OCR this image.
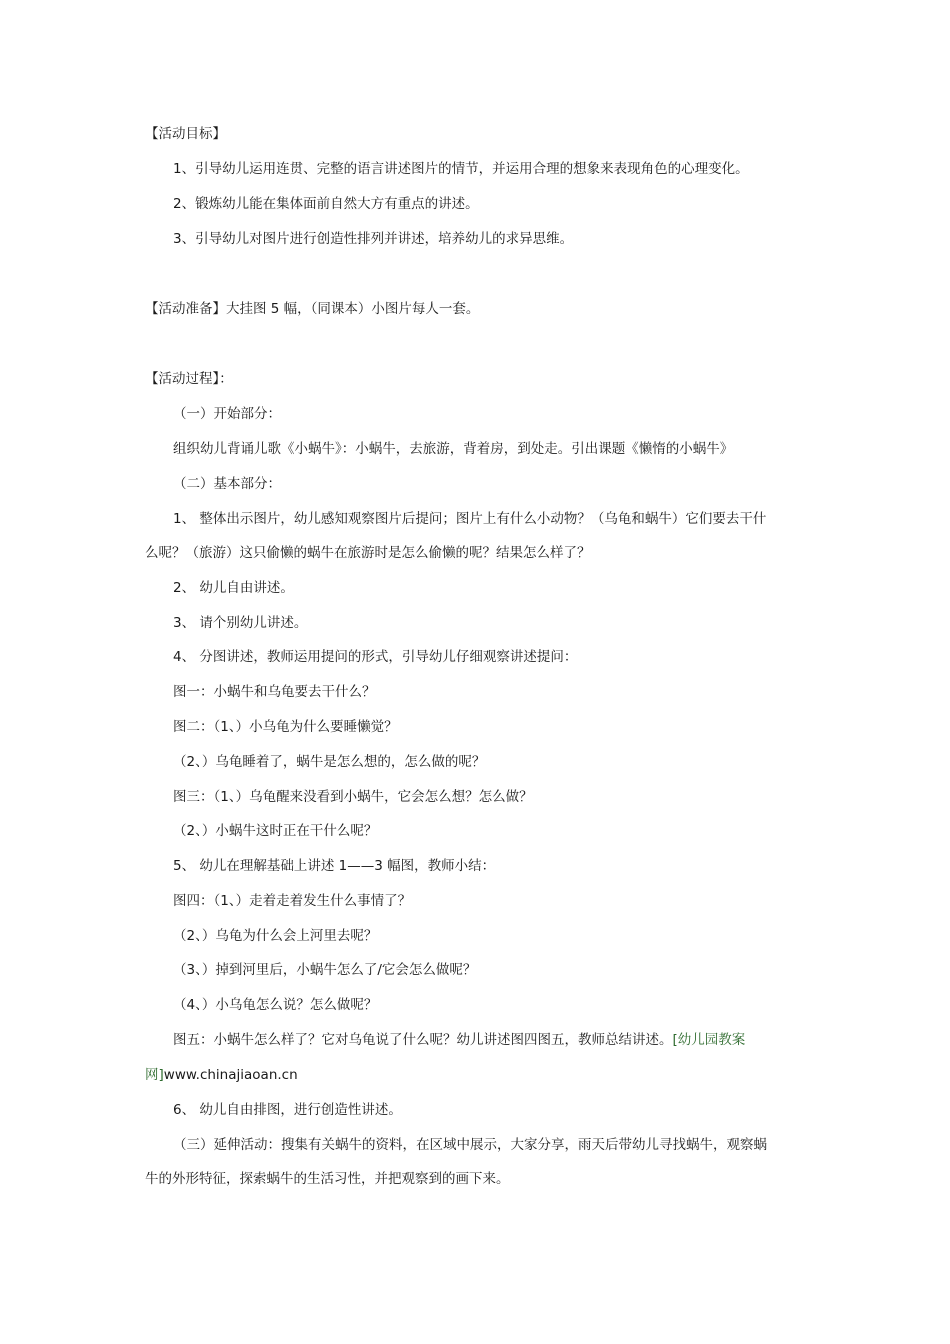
【活动目标】
1、引导幼儿运用连贯、完整的语言讲述图片的情节，并运用合理的想象来表现角色的心理变化。
2、锻炼幼儿能在集体面前自然大方有重点的讲述。
3、引导幼儿对图片进行创造性排列并讲述，培养幼儿的求异思维。
【活动准备】大挂图 5 幅，（同课本）小图片每人一套。
【活动过程】：
（一）开始部分：
组织幼儿背诵儿歌《小蜗牛》：小蜗牛，去旅游，背着房，到处走。引出课题《懒惰的小蜗牛》
（二）基本部分：
1、 整体出示图片，幼儿感知观察图片后提问；图片上有什么小动物？（乌龟和蜗牛）它们要去干什
么呢？（旅游）这只偷懒的蜗牛在旅游时是怎么偷懒的呢？结果怎么样了？
2、 幼儿自由讲述。
3、 请个别幼儿讲述。
4、 分图讲述，教师运用提问的形式，引导幼儿仔细观察讲述提问：
图一：小蜗牛和乌龟要去干什么？
图二：（1、）小乌龟为什么要睡懒觉？
（2、）乌龟睡着了，蜗牛是怎么想的，怎么做的呢？
图三：（1、）乌龟醒来没看到小蜗牛，它会怎么想？怎么做？
（2、）小蜗牛这时正在干什么呢？
5、 幼儿在理解基础上讲述 1——3 幅图，教师小结：
图四：（1、）走着走着发生什么事情了？
（2、）乌龟为什么会上河里去呢？
（3、）掉到河里后，小蜗牛怎么了/它会怎么做呢？
（4、）小乌龟怎么说？怎么做呢？
图五：小蜗牛怎么样了？它对乌龟说了什么呢？幼儿讲述图四图五，教师总结讲述。[幼儿园教案
网]www.chinajiaoan.cn
6、 幼儿自由排图，进行创造性讲述。
（三）延伸活动：搜集有关蜗牛的资料，在区域中展示，大家分享，雨天后带幼儿寻找蜗牛，观察蜗
牛的外形特征，探索蜗牛的生活习性，并把观察到的画下来。
